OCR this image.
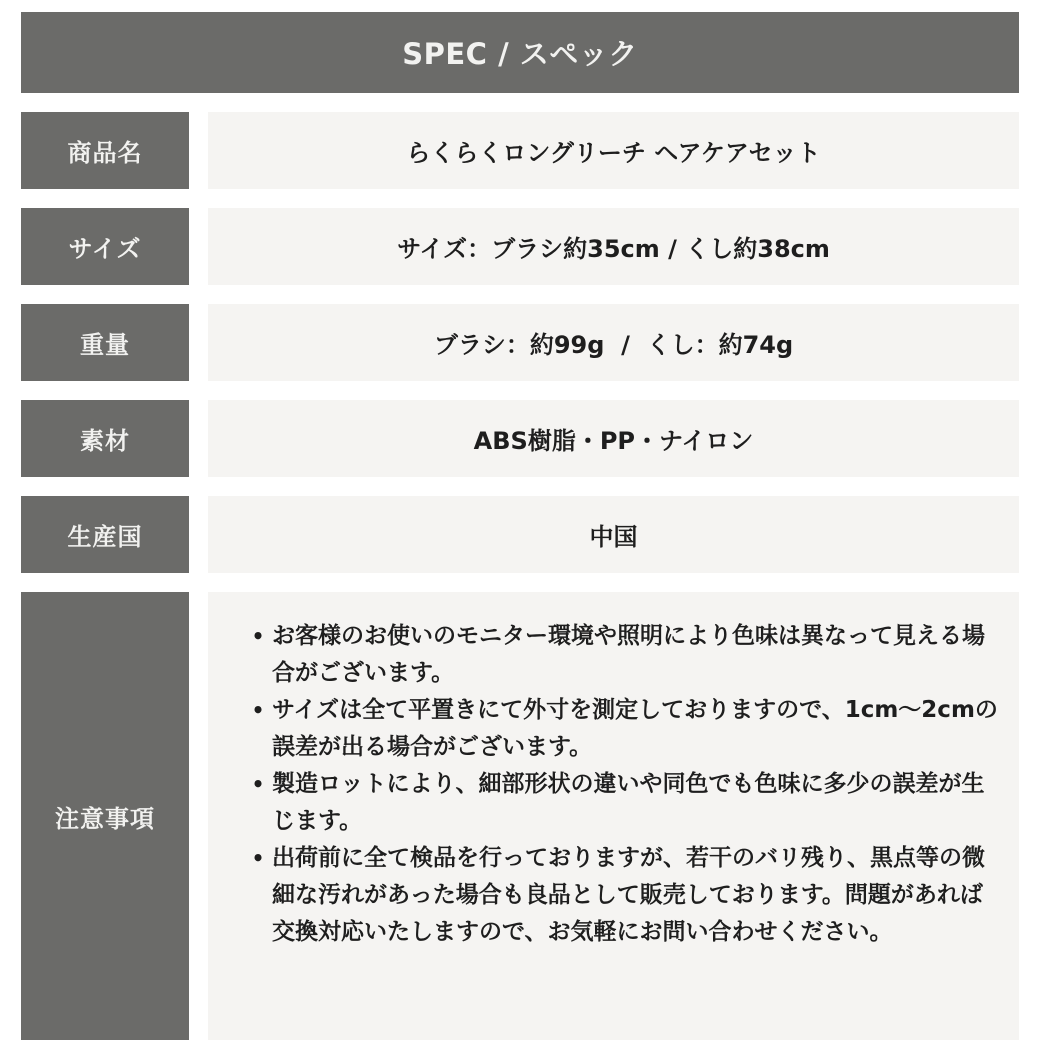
SPEC / スペック
商品名	らくらくロングリーチ ヘアケアセット
サイズ	サイズ：ブラシ約35cm / くし約38cm
重量	ブラシ：約99g  /  くし：約74g
素材	ABS樹脂・PP・ナイロン
生産国	中国
注意事項
• お客様のお使いのモニター環境や照明により色味は異なって見える場合がございます。
• サイズは全て平置きにて外寸を測定しておりますので、1cm～2cmの誤差が出る場合がございます。
• 製造ロットにより、細部形状の違いや同色でも色味に多少の誤差が生じます。
• 出荷前に全て検品を行っておりますが、若干のバリ残り、黒点等の微細な汚れがあった場合も良品として販売しております。問題があれば交換対応いたしますので、お気軽にお問い合わせください。
